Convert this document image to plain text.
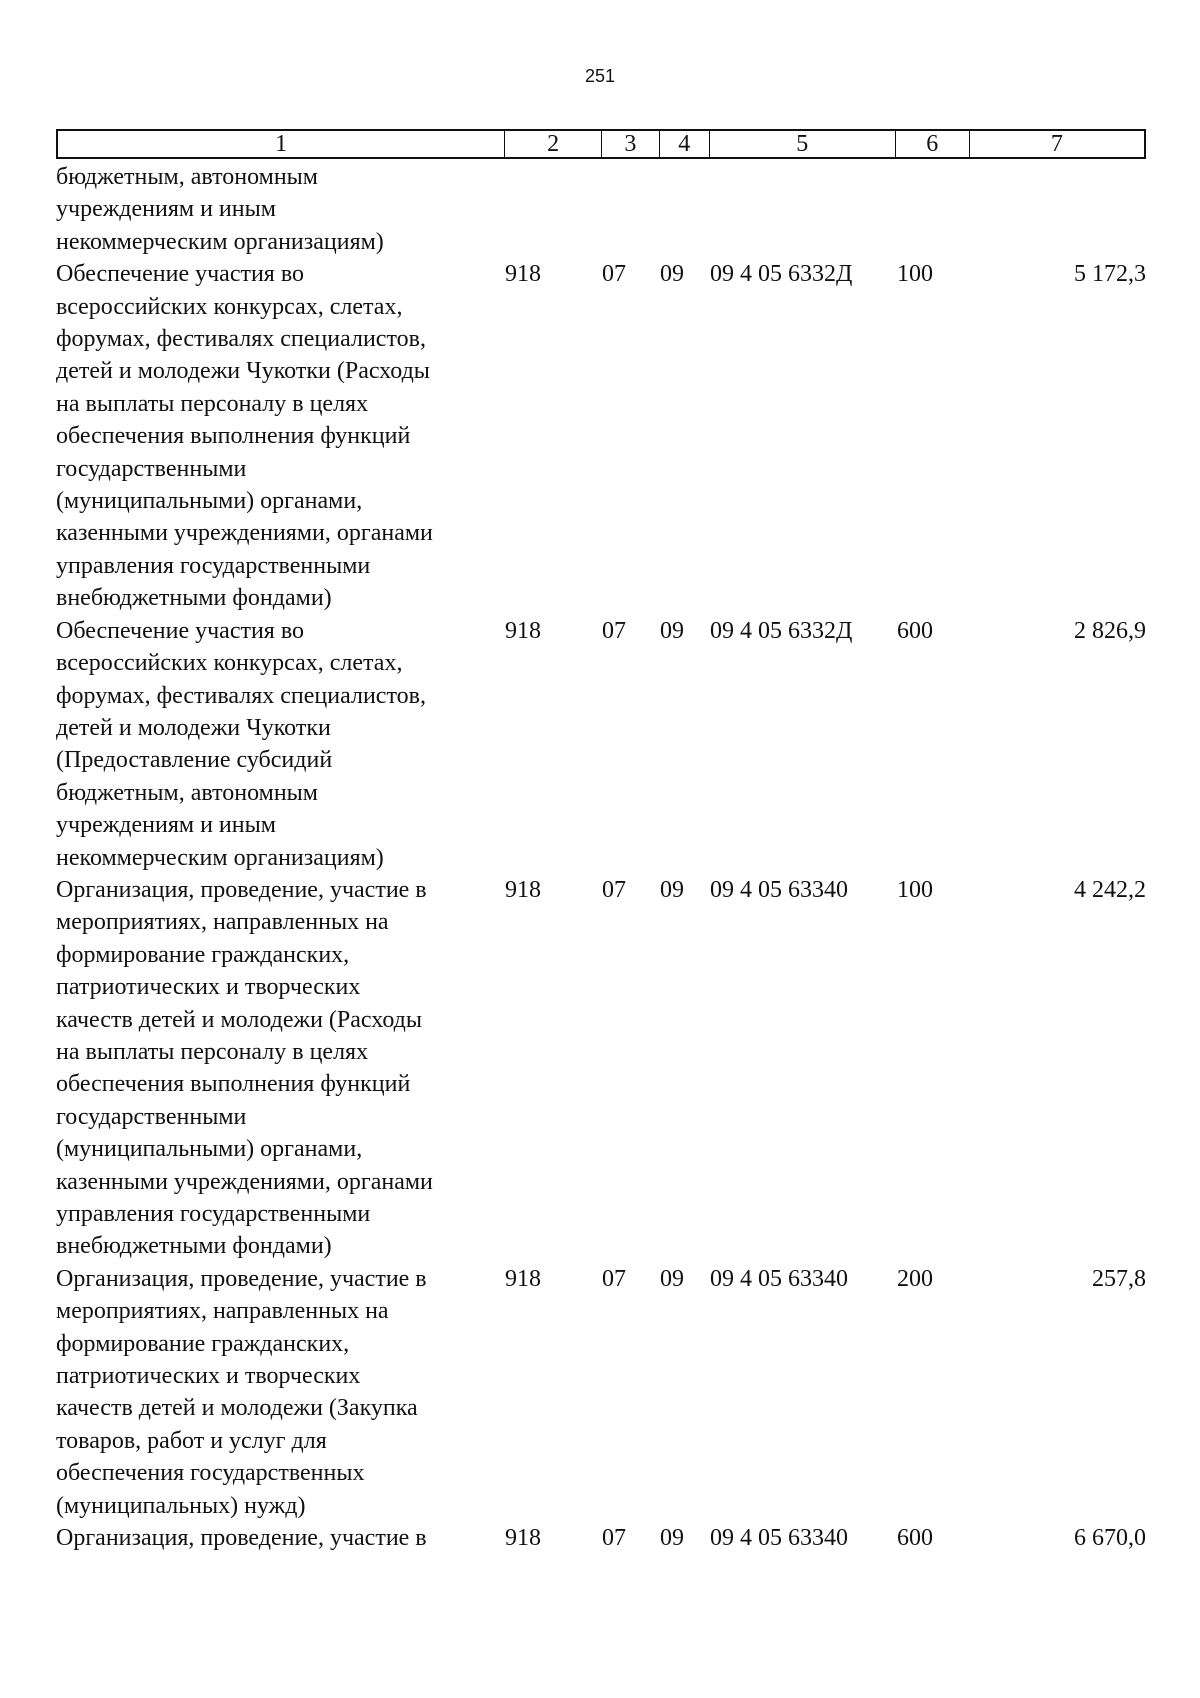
251
1	2	3	4	5	6	7
бюджетным, автономным
учреждениям и иным
некоммерческим организациям)
Обеспечение участия во
всероссийских конкурсах, слетах,
форумах, фестивалях специалистов,
детей и молодежи Чукотки (Расходы
на выплаты персоналу в целях
обеспечения выполнения функций
государственными
(муниципальными) органами,
казенными учреждениями, органами
управления государственными
внебюджетными фондами)
918	07	09	09 4 05 6332Д	100	5 172,3
Обеспечение участия во
всероссийских конкурсах, слетах,
форумах, фестивалях специалистов,
детей и молодежи Чукотки
(Предоставление субсидий
бюджетным, автономным
учреждениям и иным
некоммерческим организациям)
918	07	09	09 4 05 6332Д	600	2 826,9
Организация, проведение, участие в
мероприятиях, направленных на
формирование гражданских,
патриотических и творческих
качеств детей и молодежи (Расходы
на выплаты персоналу в целях
обеспечения выполнения функций
государственными
(муниципальными) органами,
казенными учреждениями, органами
управления государственными
внебюджетными фондами)
918	07	09	09 4 05 63340	100	4 242,2
Организация, проведение, участие в
мероприятиях, направленных на
формирование гражданских,
патриотических и творческих
качеств детей и молодежи (Закупка
товаров, работ и услуг для
обеспечения государственных
(муниципальных) нужд)
918	07	09	09 4 05 63340	200	257,8
Организация, проведение, участие в	918	07	09	09 4 05 63340	600	6 670,0
